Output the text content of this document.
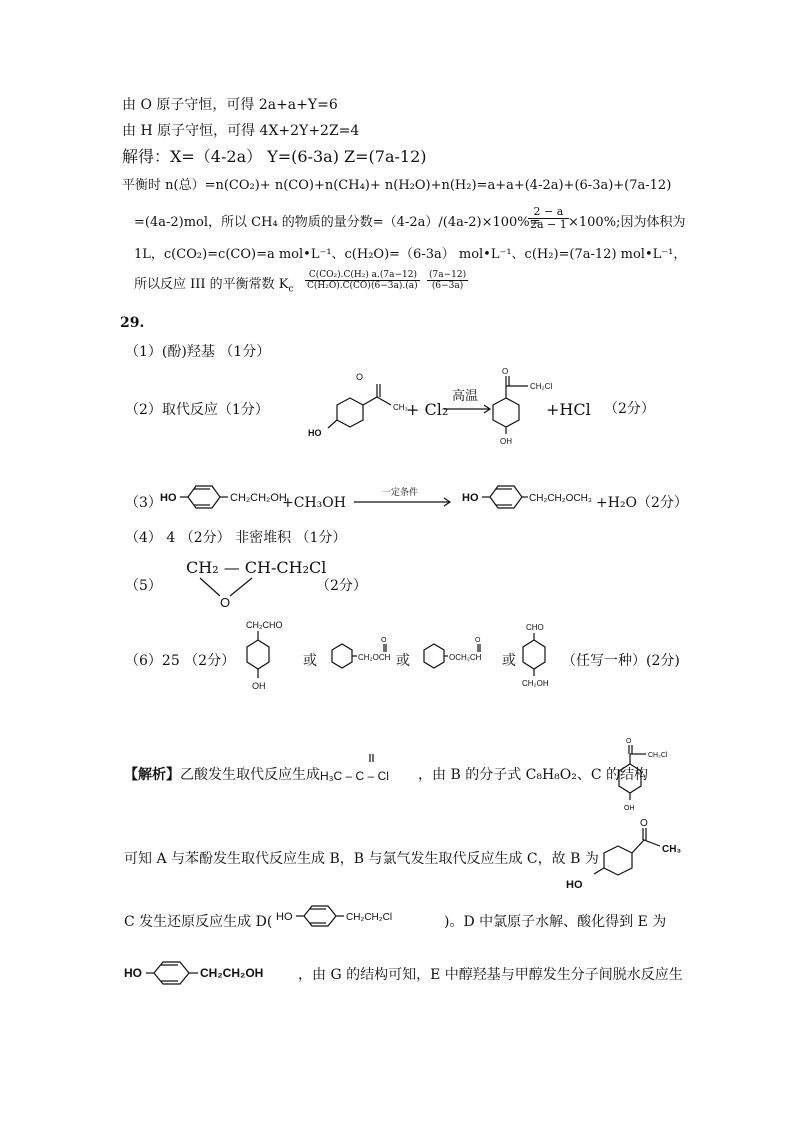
由 O 原子守恒，可得 2a+a+Y=6
由 H 原子守恒，可得 4X+2Y+2Z=4
解得：X=（4-2a） Y=(6-3a) Z=(7a-12)
平衡时 n(总）=n(CO₂)+ n(CO)+n(CH₄)+ n(H₂O)+n(H₂)=a+a+(4-2a)+(6-3a)+(7a-12)
=(4a-2)mol，所以 CH₄ 的物质的量分数=（4-2a）/(4a-2)×100%=
$\frac{2 - a}{2a - 1} \times 100\%$;因为体积为
1L，c(CO₂)=c(CO)=a mol•L⁻¹、c(H₂O)=（6-3a） mol•L⁻¹、c(H₂)=(7a-12) mol•L⁻¹，
所以反应 III 的平衡常数 $K_c \frac{\text{C(CO₂).C(H₂)}}{\text{C(H₂O).C(CO)}}$
$\frac{a.(7a-12)}{(6-3a).(a)} \frac{(7a-12)}{(6-3a)}$
29.
（1）(酚)羟基 （1分）
（2）取代反应（1分）
O
CH₃
HO
+ Cl₂
高温
O
CH₂Cl
OH
+HCl （2分）
（3）
HO	CH₂CH₂OH
+CH₃OH
一定条件	HO	CH₂CH₂OCH₃ +H₂O（2分）
（4） 4 （2分） 非密堆积 （1分）
（5）
CH₂ — CH-CH₂Cl
O
（2分）
（6）25 （2分）
CH₂CHO
OH
或	CH₂OCH
O
或	OCH₂CH
O
或
CHO
CH₂OH
（任写一种）(2分)
【解析】乙酸发生取代反应生成 H₃C – C – Cl ，由 B 的分子式 C₈H₈O₂、C 的结构
O
CH₂Cl
OH
可知 A 与苯酚发生取代反应生成 B，B 与氯气发生取代反应生成 C，故 B 为
O
CH₃
HO
C 发生还原反应生成 D( HO	CH₂CH₂Cl	)。D 中氯原子水解、酸化得到 E 为
HO	CH₂CH₂OH ，由 G 的结构可知，E 中醇羟基与甲醇发生分子间脱水反应生
